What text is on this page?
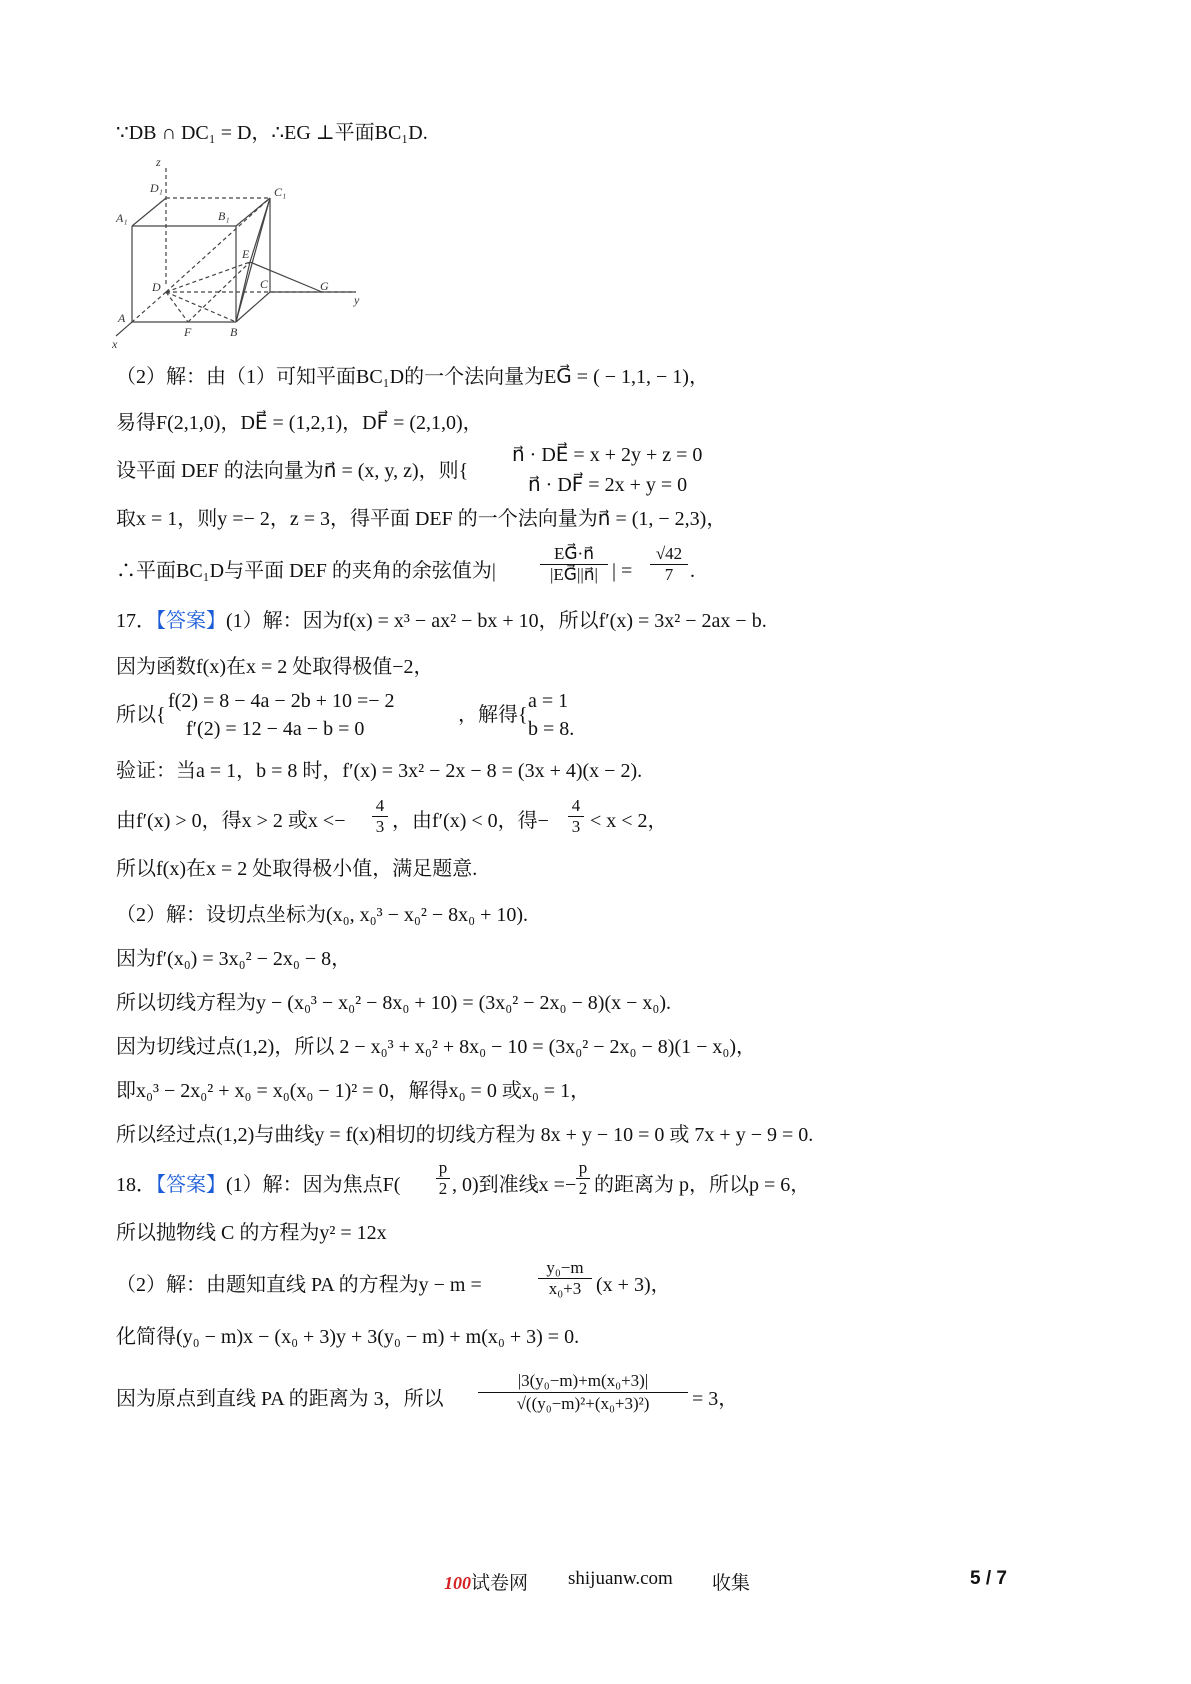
∵DB ∩ DC₁ = D，∴EG ⊥平面BC₁D.
z
D₁	C₁
A₁	B₁
E
D	C	G
y
A
F	B
x
（2）解：由（1）可知平面BC₁D的一个法向量为EG⃗ = ( − 1,1, − 1)，
易得F(2,1,0)，DE⃗ = (1,2,1)，DF⃗ = (2,1,0)，
设平面 DEF 的法向量为n⃗ = (x, y, z)，则{
n⃗ · DE⃗ = x + 2y + z = 0
n⃗ · DF⃗ = 2x + y = 0
取x = 1，则y =− 2，z = 3，得平面 DEF 的一个法向量为n⃗ = (1, − 2,3)，
∴平面BC₁D与平面 DEF 的夹角的余弦值为|
EG⃗·n⃗
|EG⃗||n⃗| | =
√42
7 .
17．【答案】(1）解：因为f(x) = x³ − ax² − bx + 10，所以f′(x) = 3x² − 2ax − b.
因为函数f(x)在x = 2 处取得极值−2，
所以{
f(2) = 8 − 4a − 2b + 10 =− 2
f′(2) = 12 − 4a − b = 0
，解得{
a = 1
b = 8.
验证：当a = 1，b = 8 时，f′(x) = 3x² − 2x − 8 = (3x + 4)(x − 2).
由f′(x) > 0，得x > 2 或x <−
4
3 ，由f′(x) < 0，得−
4
3 < x < 2，
所以f(x)在x = 2 处取得极小值，满足题意.
（2）解：设切点坐标为(x₀, x₀³ − x₀² − 8x₀ + 10).
因为f′(x₀) = 3x₀² − 2x₀ − 8，
所以切线方程为y − (x₀³ − x₀² − 8x₀ + 10) = (3x₀² − 2x₀ − 8)(x − x₀).
因为切线过点(1,2)，所以 2 − x₀³ + x₀² + 8x₀ − 10 = (3x₀² − 2x₀ − 8)(1 − x₀)，
即x₀³ − 2x₀² + x₀ = x₀(x₀ − 1)² = 0，解得x₀ = 0 或x₀ = 1，
所以经过点(1,2)与曲线y = f(x)相切的切线方程为 8x + y − 10 = 0 或 7x + y − 9 = 0.
18．【答案】(1）解：因为焦点F(
p
2 , 0)到准线x =−
p
2 的距离为 p，所以p = 6，
所以抛物线 C 的方程为y² = 12x
（2）解：由题知直线 PA 的方程为y − m =
y₀−m
x₀+3 (x + 3)，
化简得(y₀ − m)x − (x₀ + 3)y + 3(y₀ − m) + m(x₀ + 3) = 0.
因为原点到直线 PA 的距离为 3，所以
|3(y₀−m)+m(x₀+3)|
√((y₀−m)²+(x₀+3)²)	= 3，
100试卷网 shijuanw.com 收集	5 / 7
